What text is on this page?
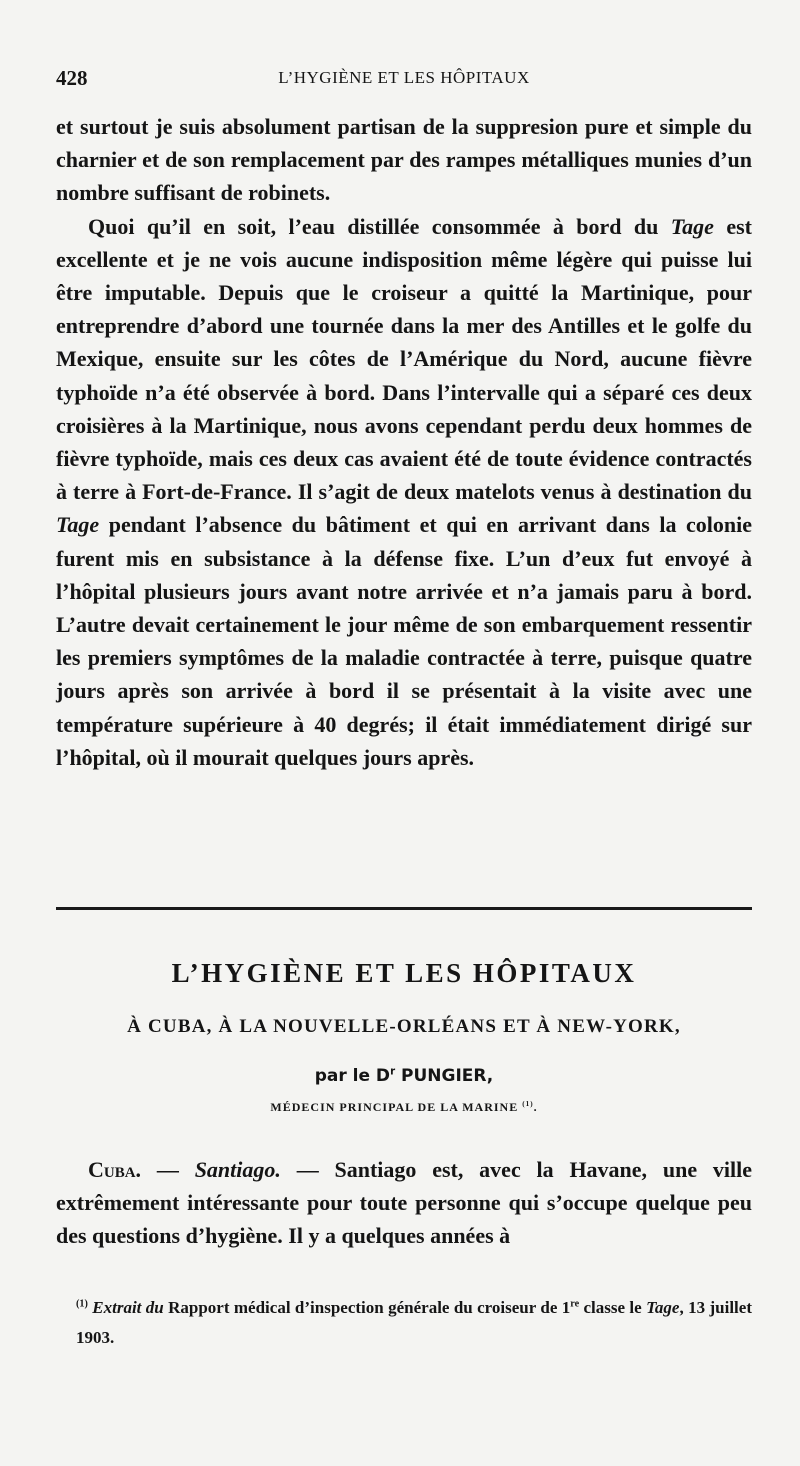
428	L’HYGIÈNE ET LES HÔPITAUX

et surtout je suis absolument partisan de la suppresion pure et simple du charnier et de son remplacement par des rampes métalliques munies d’un nombre suffisant de robinets.

Quoi qu’il en soit, l’eau distillée consommée à bord du Tage est excellente et je ne vois aucune indisposition même légère qui puisse lui être imputable. Depuis que le croiseur a quitté la Martinique, pour entreprendre d’abord une tournée dans la mer des Antilles et le golfe du Mexique, ensuite sur les côtes de l’Amérique du Nord, aucune fièvre typhoïde n’a été observée à bord. Dans l’intervalle qui a séparé ces deux croisières à la Martinique, nous avons cependant perdu deux hommes de fièvre typhoïde, mais ces deux cas avaient été de toute évidence contractés à terre à Fort-de-France. Il s’agit de deux matelots venus à destination du Tage pendant l’absence du bâtiment et qui en arrivant dans la colonie furent mis en subsistance à la défense fixe. L’un d’eux fut envoyé à l’hôpital plusieurs jours avant notre arrivée et n’a jamais paru à bord. L’autre devait certainement le jour même de son embarquement ressentir les premiers symptômes de la maladie contractée à terre, puisque quatre jours après son arrivée à bord il se présentait à la visite avec une température supérieure à 40 degrés; il était immédiatement dirigé sur l’hôpital, où il mourait quelques jours après.

L’HYGIÈNE ET LES HÔPITAUX
À CUBA, À LA NOUVELLE-ORLÉANS ET À NEW-YORK,
par le $D^r$ PUNGIER,
MÉDECIN PRINCIPAL DE LA MARINE $^{(1)}$.

Cuba. — Santiago. — Santiago est, avec la Havane, une ville extrêmement intéressante pour toute personne qui s’occupe quelque peu des questions d’hygiène. Il y a quelques années à

$^{(1)}$ Extrait du Rapport médical d’inspection générale du croiseur de 1re classe le Tage, 13 juillet 1903.
